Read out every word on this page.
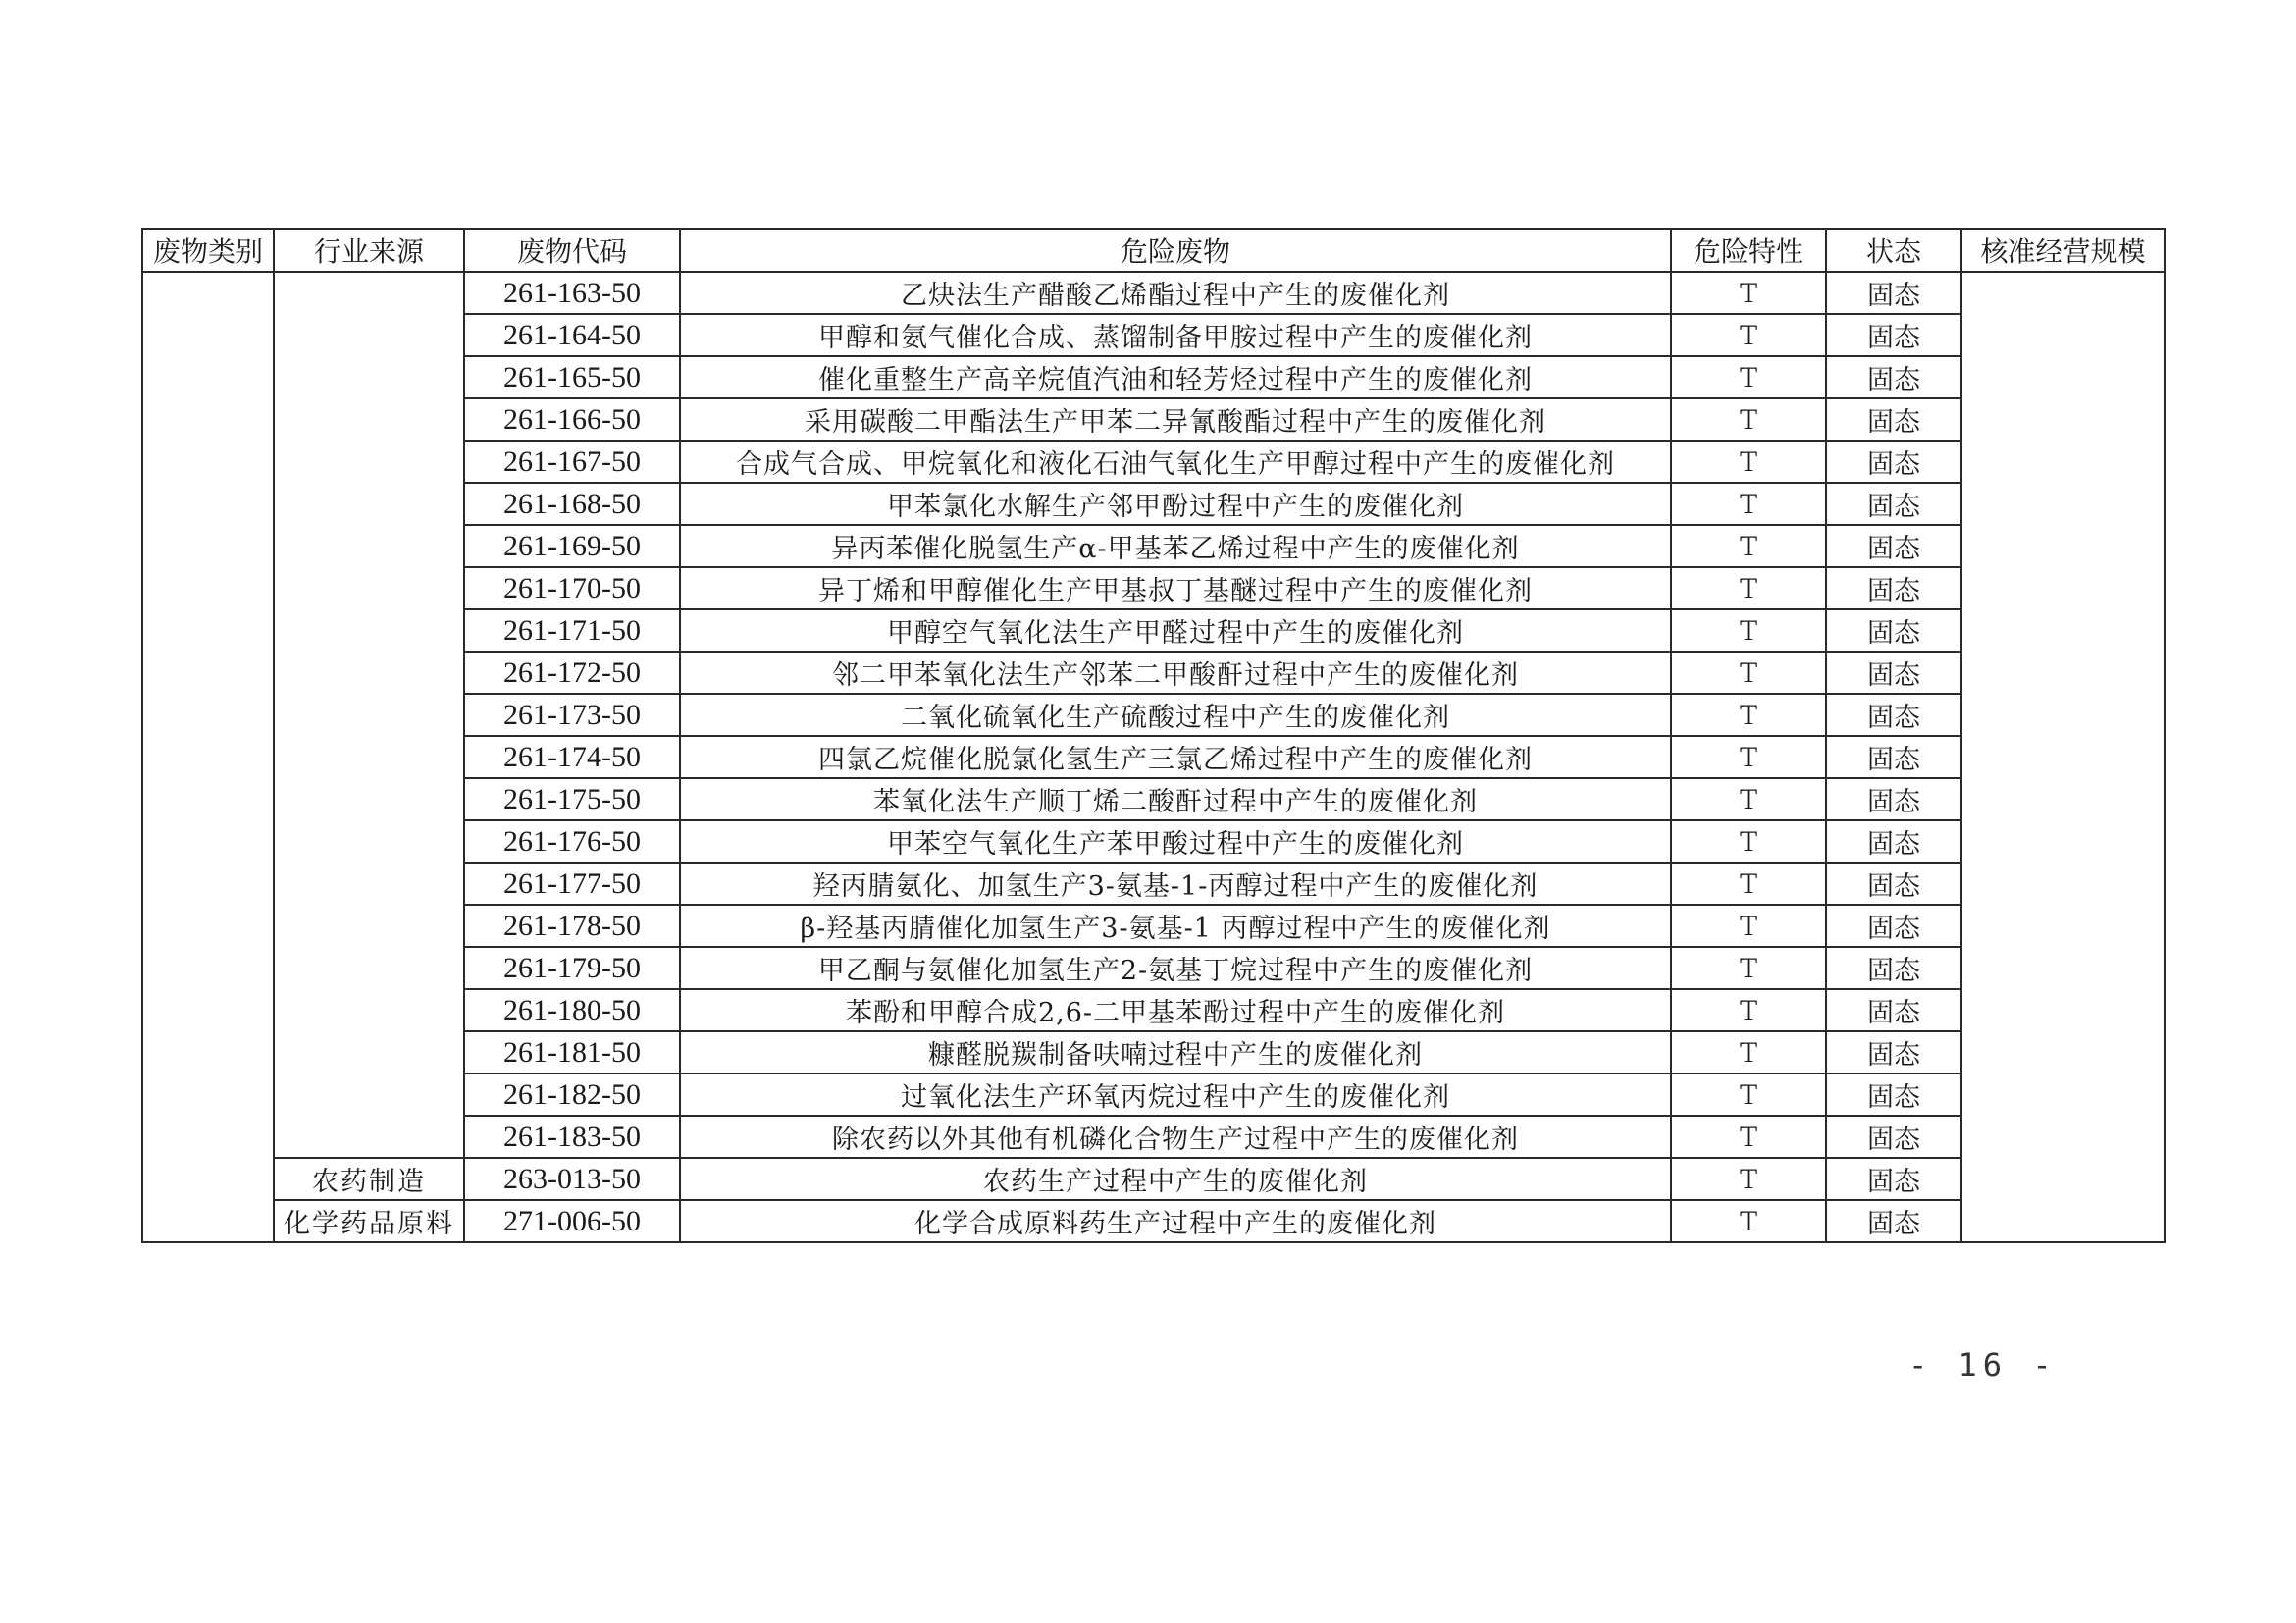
废物类别	行业来源	废物代码	危险废物	危险特性	状态	核准经营规模
		261-163-50	乙炔法生产醋酸乙烯酯过程中产生的废催化剂	T	固态	
		261-164-50	甲醇和氨气催化合成、蒸馏制备甲胺过程中产生的废催化剂	T	固态	
		261-165-50	催化重整生产高辛烷值汽油和轻芳烃过程中产生的废催化剂	T	固态	
		261-166-50	采用碳酸二甲酯法生产甲苯二异氰酸酯过程中产生的废催化剂	T	固态	
		261-167-50	合成气合成、甲烷氧化和液化石油气氧化生产甲醇过程中产生的废催化剂	T	固态	
		261-168-50	甲苯氯化水解生产邻甲酚过程中产生的废催化剂	T	固态	
		261-169-50	异丙苯催化脱氢生产α-甲基苯乙烯过程中产生的废催化剂	T	固态	
		261-170-50	异丁烯和甲醇催化生产甲基叔丁基醚过程中产生的废催化剂	T	固态	
		261-171-50	甲醇空气氧化法生产甲醛过程中产生的废催化剂	T	固态	
		261-172-50	邻二甲苯氧化法生产邻苯二甲酸酐过程中产生的废催化剂	T	固态	
		261-173-50	二氧化硫氧化生产硫酸过程中产生的废催化剂	T	固态	
		261-174-50	四氯乙烷催化脱氯化氢生产三氯乙烯过程中产生的废催化剂	T	固态	
		261-175-50	苯氧化法生产顺丁烯二酸酐过程中产生的废催化剂	T	固态	
		261-176-50	甲苯空气氧化生产苯甲酸过程中产生的废催化剂	T	固态	
		261-177-50	羟丙腈氨化、加氢生产3-氨基-1-丙醇过程中产生的废催化剂	T	固态	
		261-178-50	β-羟基丙腈催化加氢生产3-氨基-1 丙醇过程中产生的废催化剂	T	固态	
		261-179-50	甲乙酮与氨催化加氢生产2-氨基丁烷过程中产生的废催化剂	T	固态	
		261-180-50	苯酚和甲醇合成2,6-二甲基苯酚过程中产生的废催化剂	T	固态	
		261-181-50	糠醛脱羰制备呋喃过程中产生的废催化剂	T	固态	
		261-182-50	过氧化法生产环氧丙烷过程中产生的废催化剂	T	固态	
		261-183-50	除农药以外其他有机磷化合物生产过程中产生的废催化剂	T	固态	
	农药制造	263-013-50	农药生产过程中产生的废催化剂	T	固态	
	化学药品原料	271-006-50	化学合成原料药生产过程中产生的废催化剂	T	固态	
- 16 -
